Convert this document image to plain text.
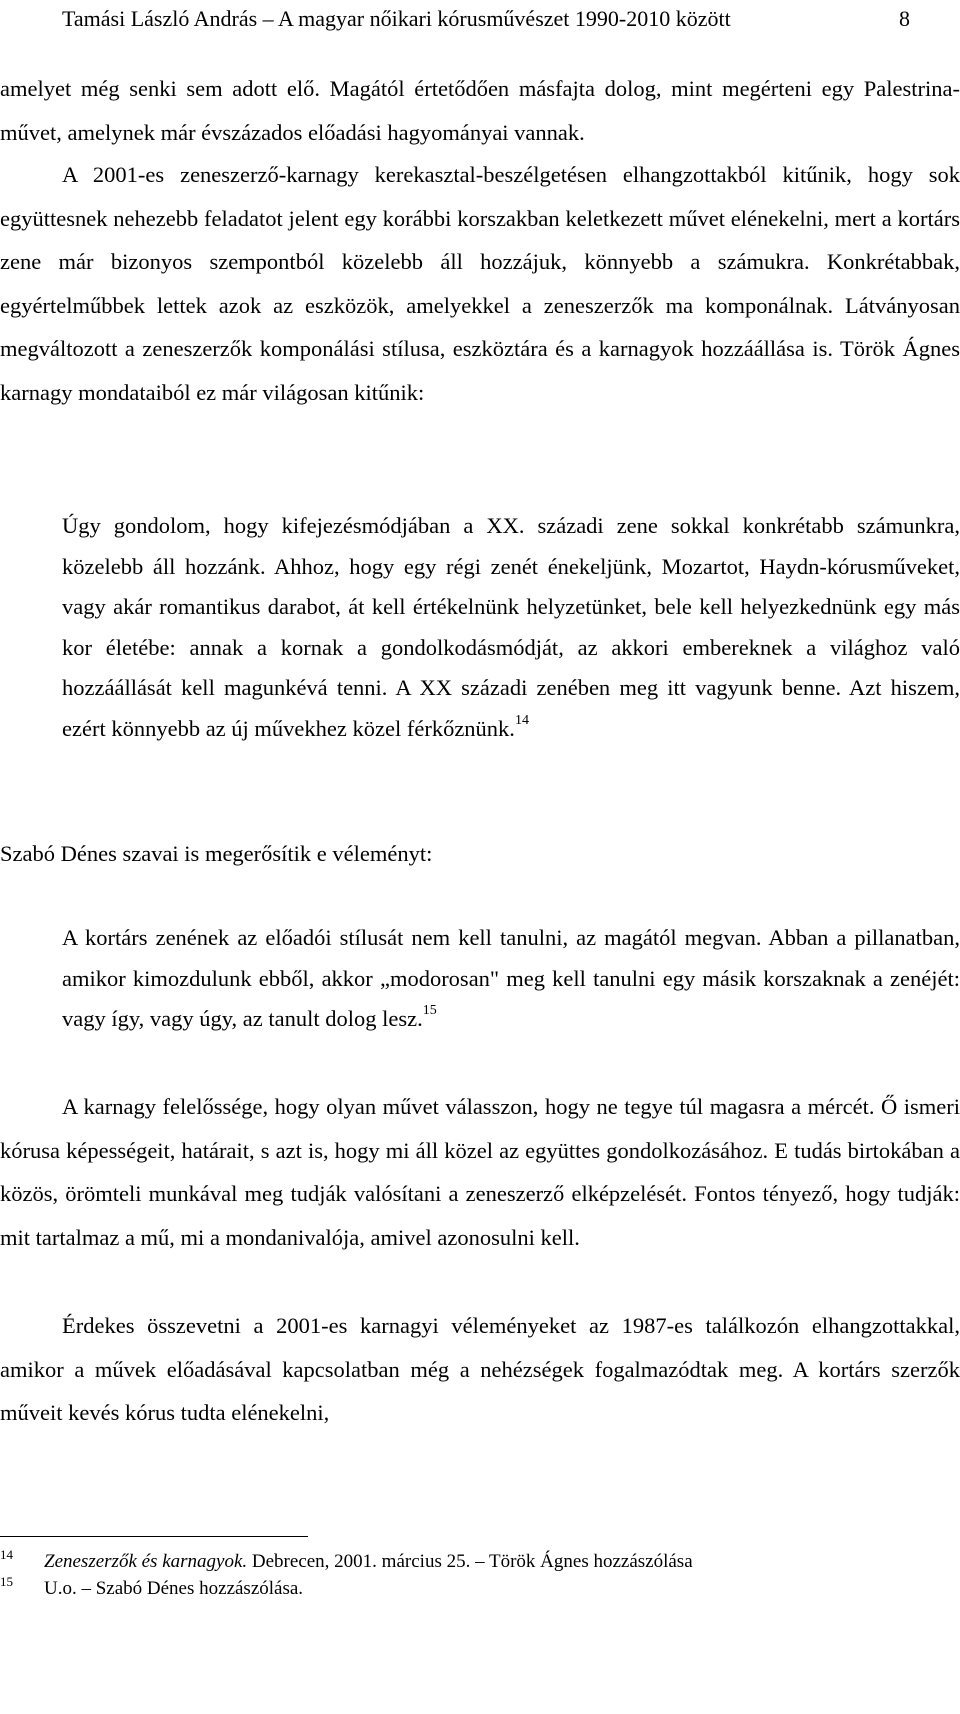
Tamási László András – A magyar nőikari kórusművészet 1990-2010 között	8

amelyet még senki sem adott elő. Magától értetődően másfajta dolog, mint megérteni egy Palestrina-művet, amelynek már évszázados előadási hagyományai vannak.

A 2001-es zeneszerző-karnagy kerekasztal-beszélgetésen elhangzottakból kitűnik, hogy sok együttesnek nehezebb feladatot jelent egy korábbi korszakban keletkezett művet elénekelni, mert a kortárs zene már bizonyos szempontból közelebb áll hozzájuk, könnyebb a számukra. Konkrétabbak, egyértelműbbek lettek azok az eszközök, amelyekkel a zeneszerzők ma komponálnak. Látványosan megváltozott a zeneszerzők komponálási stílusa, eszköztára és a karnagyok hozzáállása is. Török Ágnes karnagy mondataiból ez már világosan kitűnik:

Úgy gondolom, hogy kifejezésmódjában a XX. századi zene sokkal konkrétabb számunkra, közelebb áll hozzánk. Ahhoz, hogy egy régi zenét énekeljünk, Mozartot, Haydn-kórusműveket, vagy akár romantikus darabot, át kell értékelnünk helyzetünket, bele kell helyezkednünk egy más kor életébe: annak a kornak a gondolkodásmódját, az akkori embereknek a világhoz való hozzáállását kell magunkévá tenni. A XX századi zenében meg itt vagyunk benne. Azt hiszem, ezért könnyebb az új művekhez közel férkőznünk.$^{14}$

Szabó Dénes szavai is megerősítik e véleményt:

A kortárs zenének az előadói stílusát nem kell tanulni, az magától megvan. Abban a pillanatban, amikor kimozdulunk ebből, akkor „modorosan" meg kell tanulni egy másik korszaknak a zenéjét: vagy így, vagy úgy, az tanult dolog lesz.$^{15}$

A karnagy felelőssége, hogy olyan művet válasszon, hogy ne tegye túl magasra a mércét. Ő ismeri kórusa képességeit, határait, s azt is, hogy mi áll közel az együttes gondolkozásához. E tudás birtokában a közös, örömteli munkával meg tudják valósítani a zeneszerző elképzelését. Fontos tényező, hogy tudják: mit tartalmaz a mű, mi a mondanivalója, amivel azonosulni kell.

Érdekes összevetni a 2001-es karnagyi véleményeket az 1987-es találkozón elhangzottakkal, amikor a művek előadásával kapcsolatban még a nehézségek fogalmazódtak meg. A kortárs szerzők műveit kevés kórus tudta elénekelni,

14 Zeneszerzők és karnagyok. Debrecen, 2001. március 25. – Török Ágnes hozzászólása
15 U.o. – Szabó Dénes hozzászólása.
